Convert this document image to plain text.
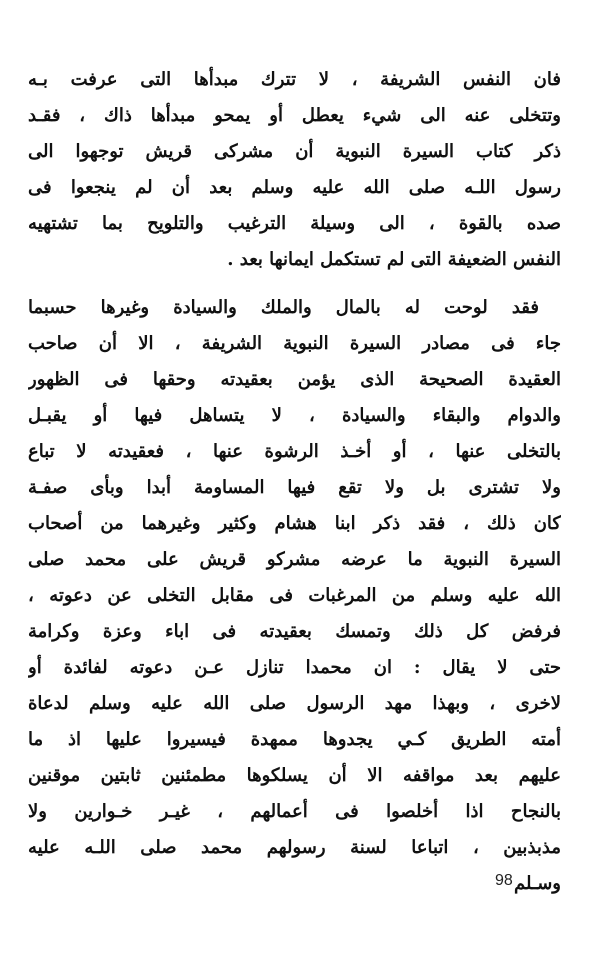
فان النفس الشريفة ، لا تترك مبدأها التى عرفت بـه
وتتخلى عنه الى شيء يعطل أو يمحو مبدأها ذاك ، فقـد
ذكر كتاب السيرة النبوية أن مشركى قريش توجهوا الى
رسول اللـه صلى الله عليه وسلم بعد أن لم ينجعوا فى
صده بالقوة ، الى وسيلة الترغيب والتلويح بما تشتهيه
النفس الضعيفة التى لم تستكمل ايمانها بعد .
فقد لوحت له بالمال والملك والسيادة وغيرها حسبما
جاء فى مصادر السيرة النبوية الشريفة ، الا أن صاحب
العقيدة الصحيحة الذى يؤمن بعقيدته وحقها فى الظهور
والدوام والبقاء والسيادة ، لا يتساهل فيها أو يقبـل
بالتخلى عنها ، أو أخـذ الرشوة عنها ، فعقيدته لا تباع
ولا تشترى بل ولا تقع فيها المساومة أبدا وبأى صفـة
كان ذلك ، فقد ذكر ابنا هشام وكثير وغيرهما من أصحاب
السيرة النبوية ما عرضه مشركو قريش على محمد صلى
الله عليه وسلم من المرغبات فى مقابل التخلى عن دعوته ،
فرفض كل ذلك وتمسك بعقيدته فى اباء وعزة وكرامة
حتى لا يقال : ان محمدا تنازل عـن دعوته لفائدة أو
لاخرى ، وبهذا مهد الرسول صلى الله عليه وسلم لدعاة
أمته الطريق كـي يجدوها ممهدة فيسيروا عليها اذ ما
عليهم بعد مواقفه الا أن يسلكوها مطمئنين ثابتين موقنين
بالنجاح اذا أخلصوا فى أعمالهم ، غيـر خـوارين ولا
مذبذبين ، اتباعا لسنة رسولهم محمد صلى اللـه عليه
وسـلم
98
